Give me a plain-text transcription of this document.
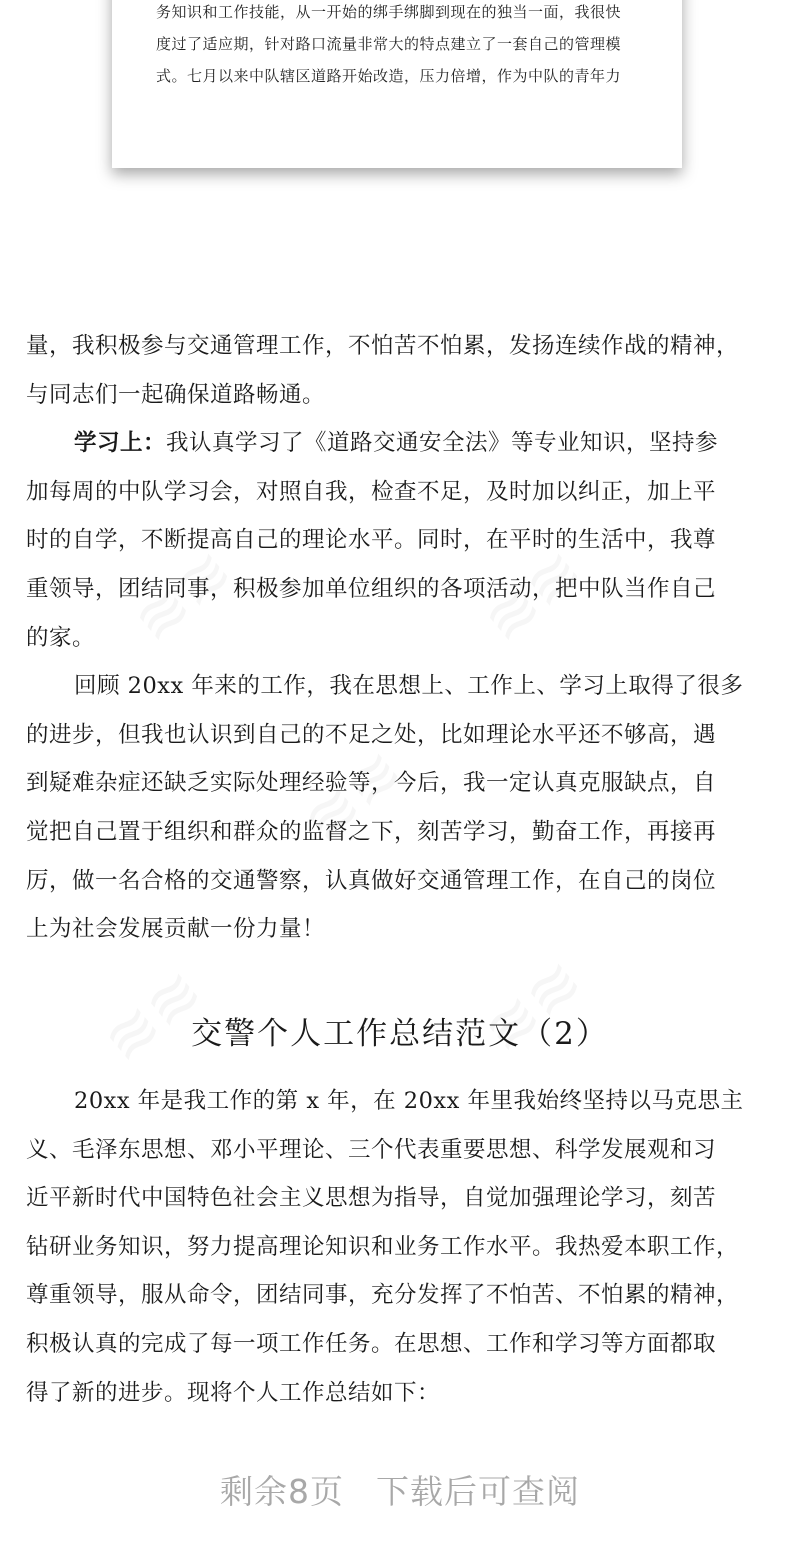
务知识和工作技能，从一开始的绑手绑脚到现在的独当一面，我很快
度过了适应期，针对路口流量非常大的特点建立了一套自己的管理模
式。七月以来中队辖区道路开始改造，压力倍增，作为中队的青年力

量，我积极参与交通管理工作，不怕苦不怕累，发扬连续作战的精神，
与同志们一起确保道路畅通。

学习上：我认真学习了《道路交通安全法》等专业知识，坚持参
加每周的中队学习会，对照自我，检查不足，及时加以纠正，加上平
时的自学，不断提高自己的理论水平。同时，在平时的生活中，我尊
重领导，团结同事，积极参加单位组织的各项活动，把中队当作自己
的家。

回顾 20xx 年来的工作，我在思想上、工作上、学习上取得了很多
的进步，但我也认识到自己的不足之处，比如理论水平还不够高，遇
到疑难杂症还缺乏实际处理经验等，今后，我一定认真克服缺点，自
觉把自己置于组织和群众的监督之下，刻苦学习，勤奋工作，再接再
厉，做一名合格的交通警察，认真做好交通管理工作，在自己的岗位
上为社会发展贡献一份力量！

交警个人工作总结范文（2）

20xx 年是我工作的第 x 年，在 20xx 年里我始终坚持以马克思主
义、毛泽东思想、邓小平理论、三个代表重要思想、科学发展观和习
近平新时代中国特色社会主义思想为指导，自觉加强理论学习，刻苦
钻研业务知识，努力提高理论知识和业务工作水平。我热爱本职工作，
尊重领导，服从命令，团结同事，充分发挥了不怕苦、不怕累的精神，
积极认真的完成了每一项工作任务。在思想、工作和学习等方面都取
得了新的进步。现将个人工作总结如下：

剩余8页 下载后可查阅
